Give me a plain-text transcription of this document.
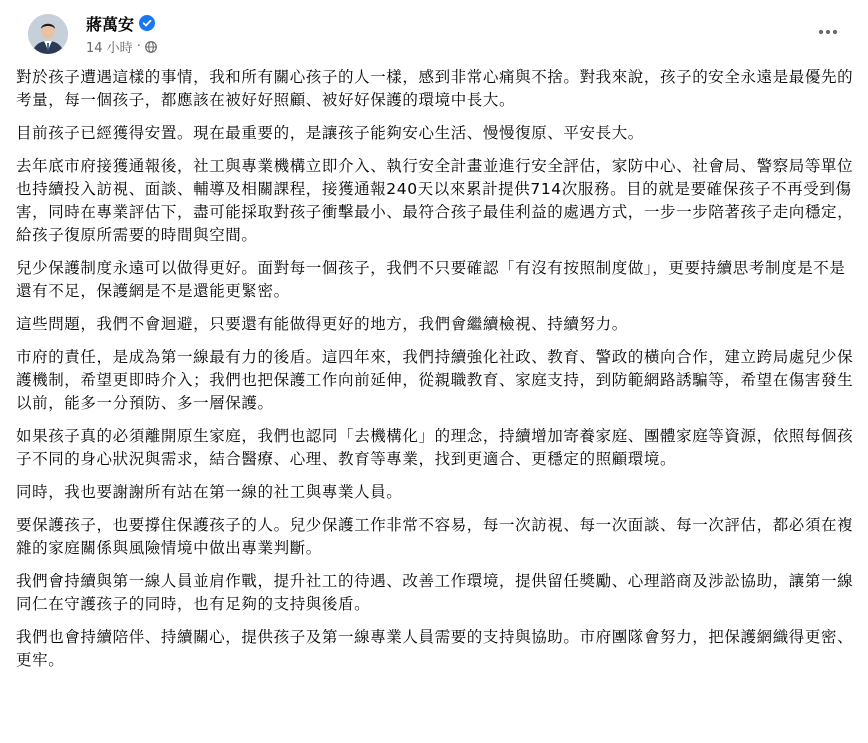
蔣萬安
14 小時 ·

對於孩子遭遇這樣的事情，我和所有關心孩子的人一樣，感到非常心痛與不捨。對我來說，孩子的安全永遠是最優先的考量，每一個孩子，都應該在被好好照顧、被好好保護的環境中長大。

目前孩子已經獲得安置。現在最重要的，是讓孩子能夠安心生活、慢慢復原、平安長大。

去年底市府接獲通報後，社工與專業機構立即介入、執行安全計畫並進行安全評估，家防中心、社會局、警察局等單位也持續投入訪視、面談、輔導及相關課程，接獲通報240天以來累計提供714次服務。目的就是要確保孩子不再受到傷害，同時在專業評估下，盡可能採取對孩子衝擊最小、最符合孩子最佳利益的處遇方式，一步一步陪著孩子走向穩定，給孩子復原所需要的時間與空間。

兒少保護制度永遠可以做得更好。面對每一個孩子，我們不只要確認「有沒有按照制度做」，更要持續思考制度是不是還有不足，保護網是不是還能更緊密。

這些問題，我們不會迴避，只要還有能做得更好的地方，我們會繼續檢視、持續努力。

市府的責任，是成為第一線最有力的後盾。這四年來，我們持續強化社政、教育、警政的橫向合作，建立跨局處兒少保護機制，希望更即時介入；我們也把保護工作向前延伸，從親職教育、家庭支持，到防範網路誘騙等，希望在傷害發生以前，能多一分預防、多一層保護。

如果孩子真的必須離開原生家庭，我們也認同「去機構化」的理念，持續增加寄養家庭、團體家庭等資源，依照每個孩子不同的身心狀況與需求，結合醫療、心理、教育等專業，找到更適合、更穩定的照顧環境。

同時，我也要謝謝所有站在第一線的社工與專業人員。

要保護孩子，也要撐住保護孩子的人。兒少保護工作非常不容易，每一次訪視、每一次面談、每一次評估，都必須在複雜的家庭關係與風險情境中做出專業判斷。

我們會持續與第一線人員並肩作戰，提升社工的待遇、改善工作環境，提供留任獎勵、心理諮商及涉訟協助，讓第一線同仁在守護孩子的同時，也有足夠的支持與後盾。

我們也會持續陪伴、持續關心，提供孩子及第一線專業人員需要的支持與協助。市府團隊會努力，把保護網織得更密、更牢。
